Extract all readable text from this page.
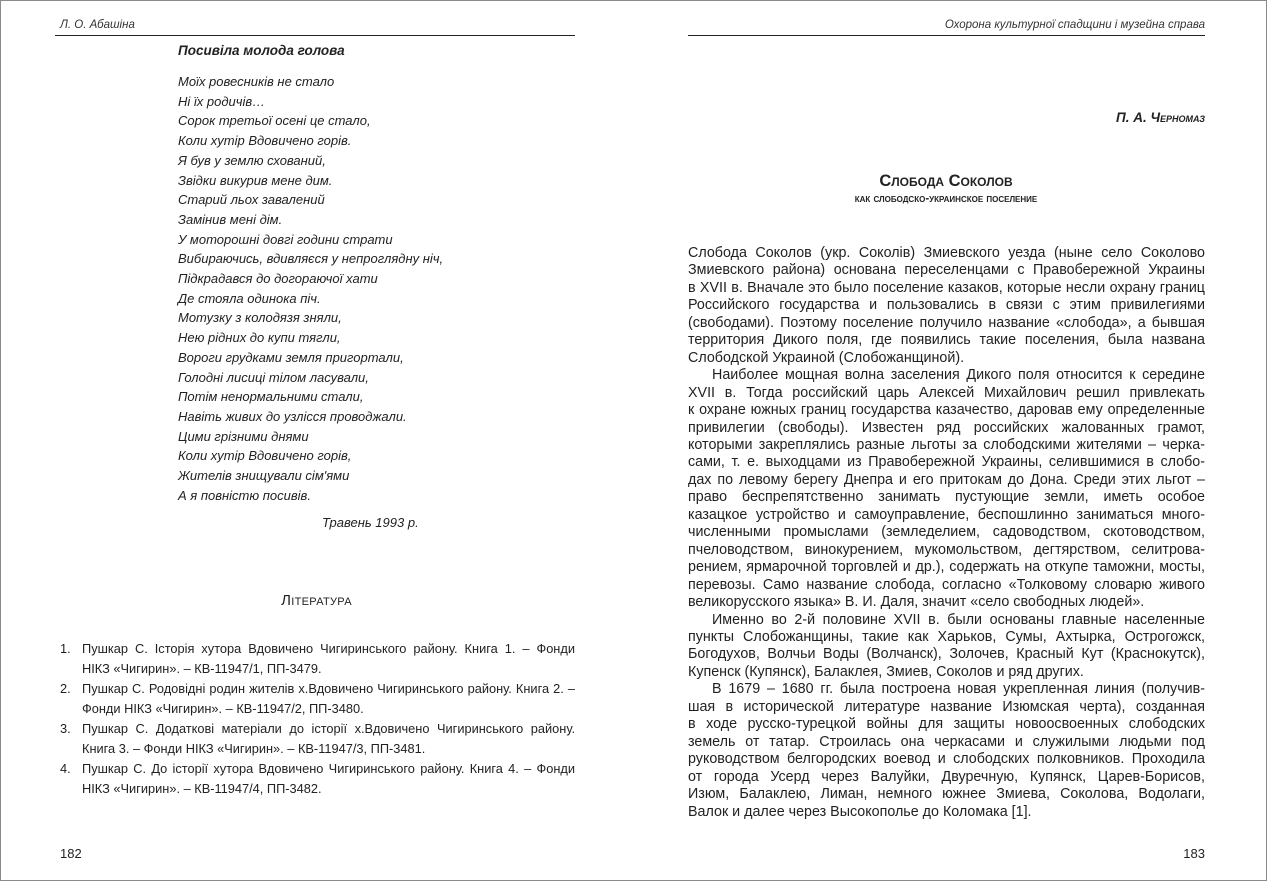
Л. О. Абашіна
Посивіла молода голова
Моїх ровесників не стало
Ні їх родичів…
Сорок третьої осені це стало,
Коли хутір Вдовичено горів.
Я був у землю схований,
Звідки викурив мене дим.
Старий льох завалений
Замінив мені дім.
У моторошні довгі години страти
Вибираючись, вдивляєся у непроглядну ніч,
Підкрадався до догораючої хати
Де стояла одинока піч.
Мотузку з колодязя зняли,
Нею рідних до купи тягли,
Вороги грудками земля пригортали,
Голодні лисиці тілом ласували,
Потім ненормальними стали,
Навіть живих до узлісся проводжали.
Цими грізними днями
Коли хутір Вдовичено горів,
Жителів знищували сім'ями
А я повністю посивів.
Травень 1993 р.
Література
1. Пушкар С. Історія хутора Вдовичено Чигиринського району. Книга 1. – Фонди
НІКЗ «Чигирин». – КВ-11947/1, ПП-3479.
2. Пушкар С. Родовідні родин жителів х.Вдовичено Чигиринського району. Книга 2. –
Фонди НІКЗ «Чигирин». – КВ-11947/2, ПП-3480.
3. Пушкар С. Додаткові матеріали до історії х.Вдовичено Чигиринського району.
Книга 3. – Фонди НІКЗ «Чигирин». – КВ-11947/3, ПП-3481.
4. Пушкар С. До історії хутора Вдовичено Чигиринського району. Книга 4. – Фонди
НІКЗ «Чигирин». – КВ-11947/4, ПП-3482.
182
Охорона культурної спадщини і музейна справа
П. А. Черномаз
Слобода Соколов
как слободско-украинское поселение
Слобода Соколов (укр. Соколів) Змиевского уезда (ныне село Соколово
Змиевского района) основана переселенцами с Правобережной Украины
в XVII в. Вначале это было поселение казаков, которые несли охрану границ
Российского государства и пользовались в связи с этим привилегиями
(свободами). Поэтому поселение получило название «слобода», а бывшая
территория Дикого поля, где появились такие поселения, была названа
Слободской Украиной (Слобожанщиной).
Наиболее мощная волна заселения Дикого поля относится к середине
XVII в. Тогда российский царь Алексей Михайлович решил привлекать
к охране южных границ государства казачество, даровав ему определенные
привилегии (свободы). Известен ряд российских жалованных грамот,
которыми закреплялись разные льготы за слободскими жителями – черка-
сами, т. е. выходцами из Правобережной Украины, селившимися в слобо-
дах по левому берегу Днепра и его притокам до Дона. Среди этих льгот –
право беспрепятственно занимать пустующие земли, иметь особое
казацкое устройство и самоуправление, беспошлинно заниматься много-
численными промыслами (земледелием, садоводством, скотоводством,
пчеловодством, винокурением, мукомольством, дегтярством, селитрова-
рением, ярмарочной торговлей и др.), содержать на откупе таможни, мосты,
перевозы. Само название слобода, согласно «Толковому словарю живого
великорусского языка» В. И. Даля, значит «село свободных людей».
Именно во 2-й половине XVII в. были основаны главные населенные
пункты Слобожанщины, такие как Харьков, Сумы, Ахтырка, Острогожск,
Богодухов, Волчьи Воды (Волчанск), Золочев, Красный Кут (Краснокутск),
Купенск (Купянск), Балаклея, Змиев, Соколов и ряд других.
В 1679 – 1680 гг. была построена новая укрепленная линия (получив-
шая в исторической литературе название Изюмская черта), созданная
в ходе русско-турецкой войны для защиты новоосвоенных слободских
земель от татар. Строилась она черкасами и служилыми людьми под
руководством белгородских воевод и слободских полковников. Проходила
от города Усерд через Валуйки, Двуречную, Купянск, Царев-Борисов,
Изюм, Балаклею, Лиман, немного южнее Змиева, Соколова, Водолаги,
Валок и далее через Высокополье до Коломака [1].
183
